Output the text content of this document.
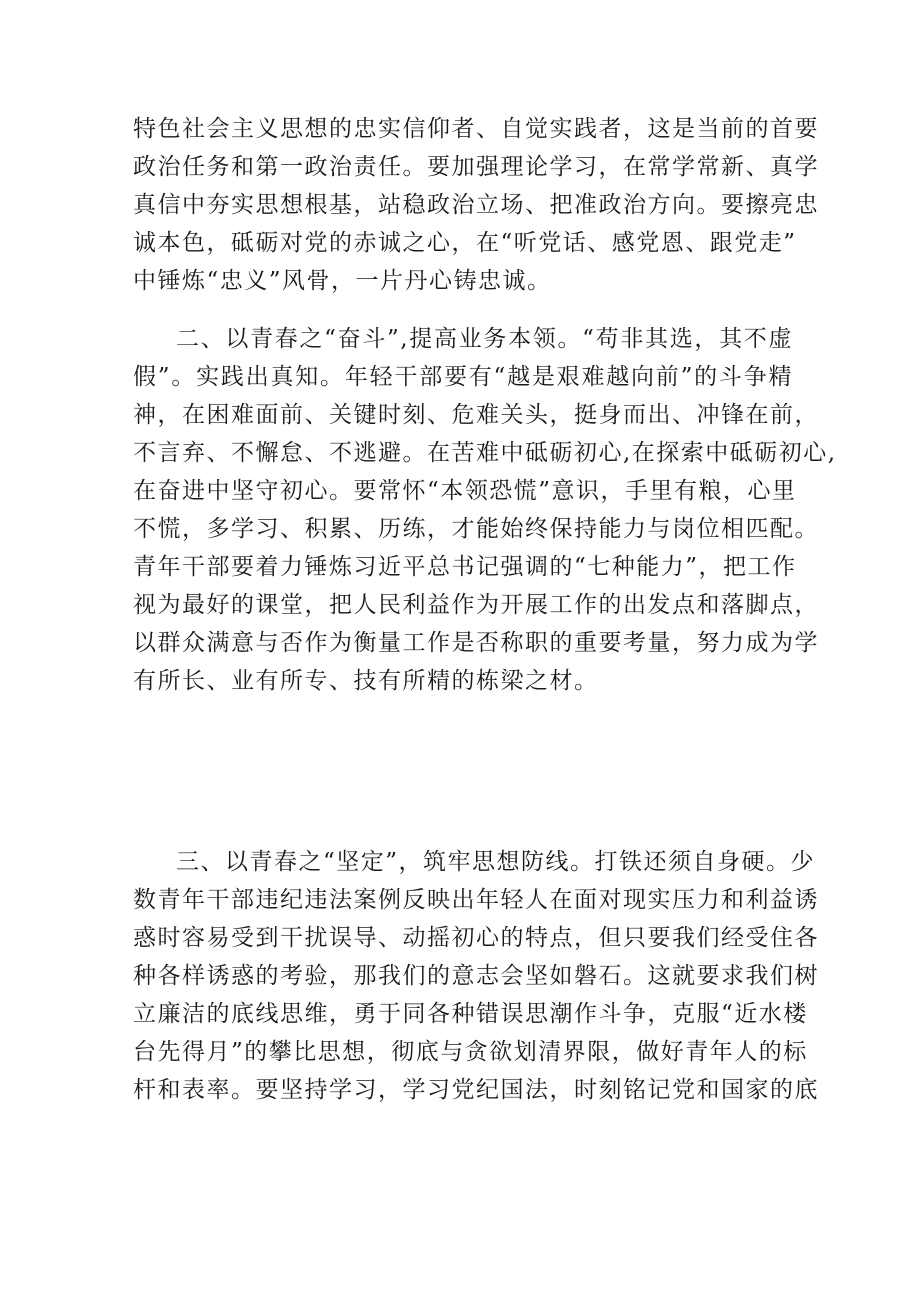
特色社会主义思想的忠实信仰者、自觉实践者，这是当前的首要
政治任务和第一政治责任。要加强理论学习，在常学常新、真学
真信中夯实思想根基，站稳政治立场、把准政治方向。要擦亮忠
诚本色，砥砺对党的赤诚之心，在“听党话、感党恩、跟党走”
中锤炼“忠义”风骨，一片丹心铸忠诚。
二、以青春之“奋斗”,提高业务本领。“苟非其选，其不虚
假”。实践出真知。年轻干部要有“越是艰难越向前”的斗争精
神，在困难面前、关键时刻、危难关头，挺身而出、冲锋在前，
不言弃、不懈怠、不逃避。在苦难中砥砺初心,在探索中砥砺初心,
在奋进中坚守初心。要常怀“本领恐慌”意识，手里有粮，心里
不慌，多学习、积累、历练，才能始终保持能力与岗位相匹配。
青年干部要着力锤炼习近平总书记强调的“七种能力”，把工作
视为最好的课堂，把人民利益作为开展工作的出发点和落脚点，
以群众满意与否作为衡量工作是否称职的重要考量，努力成为学
有所长、业有所专、技有所精的栋梁之材。
三、以青春之“坚定”，筑牢思想防线。打铁还须自身硬。少
数青年干部违纪违法案例反映出年轻人在面对现实压力和利益诱
惑时容易受到干扰误导、动摇初心的特点，但只要我们经受住各
种各样诱惑的考验，那我们的意志会坚如磐石。这就要求我们树
立廉洁的底线思维，勇于同各种错误思潮作斗争，克服“近水楼
台先得月”的攀比思想，彻底与贪欲划清界限，做好青年人的标
杆和表率。要坚持学习，学习党纪国法，时刻铭记党和国家的底
